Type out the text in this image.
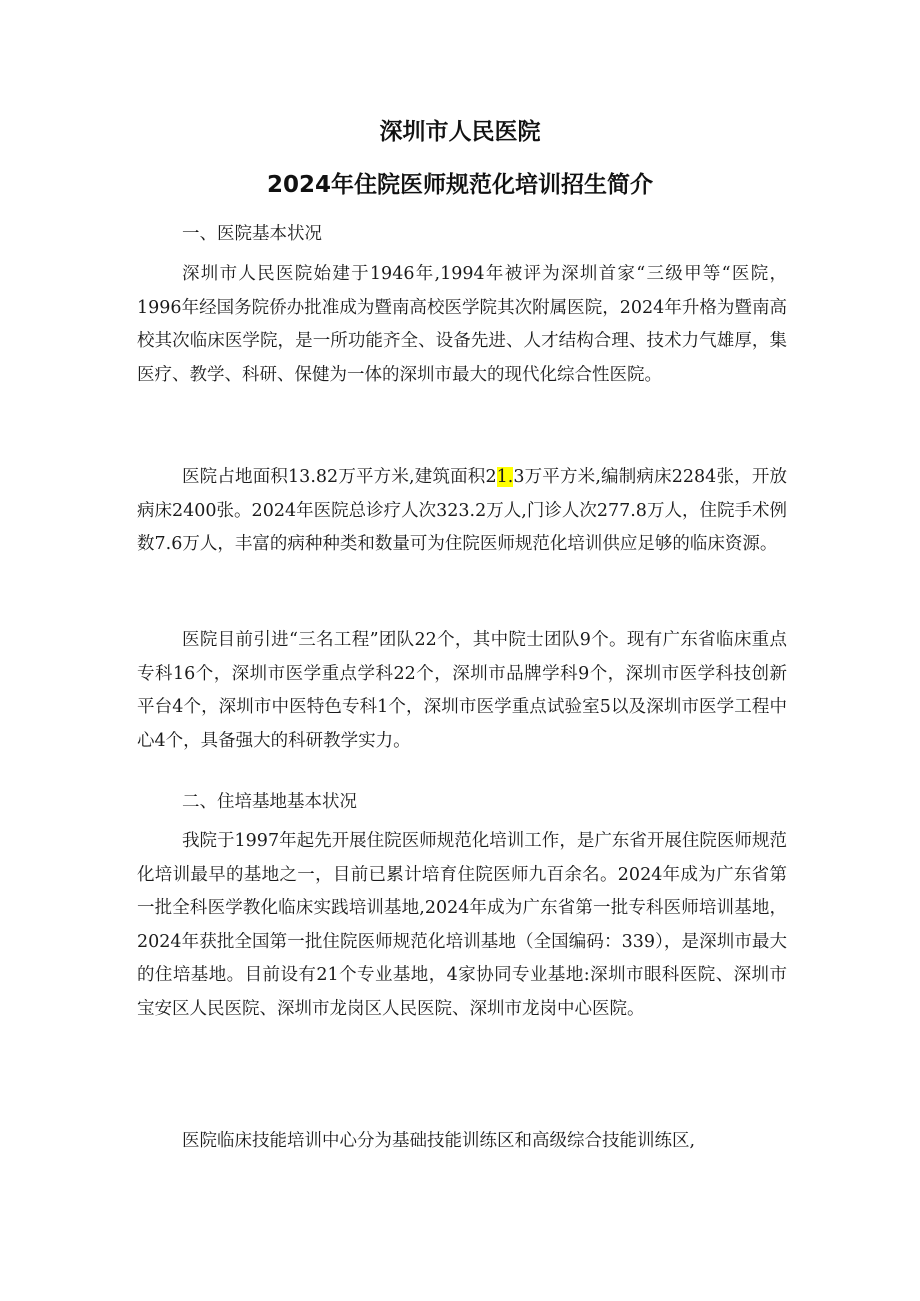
深圳市人民医院
2024年住院医师规范化培训招生简介

一、医院基本状况

深圳市人民医院始建于1946年,1994年被评为深圳首家“三级甲等“医院，1996年经国务院侨办批准成为暨南高校医学院其次附属医院，2024年升格为暨南高校其次临床医学院，是一所功能齐全、设备先进、人才结构合理、技术力气雄厚，集医疗、教学、科研、保健为一体的深圳市最大的现代化综合性医院。

医院占地面积13.82万平方米,建筑面积21.3万平方米,编制病床2284张，开放病床2400张。2024年医院总诊疗人次323.2万人,门诊人次277.8万人，住院手术例数7.6万人，丰富的病种种类和数量可为住院医师规范化培训供应足够的临床资源。

医院目前引进“三名工程”团队22个，其中院士团队9个。现有广东省临床重点专科16个，深圳市医学重点学科22个，深圳市品牌学科9个，深圳市医学科技创新平台4个，深圳市中医特色专科1个，深圳市医学重点试验室5以及深圳市医学工程中心4个，具备强大的科研教学实力。

二、住培基地基本状况

我院于1997年起先开展住院医师规范化培训工作，是广东省开展住院医师规范化培训最早的基地之一，目前已累计培育住院医师九百余名。2024年成为广东省第一批全科医学教化临床实践培训基地,2024年成为广东省第一批专科医师培训基地，2024年获批全国第一批住院医师规范化培训基地（全国编码：339），是深圳市最大的住培基地。目前设有21个专业基地，4家协同专业基地:深圳市眼科医院、深圳市宝安区人民医院、深圳市龙岗区人民医院、深圳市龙岗中心医院。

医院临床技能培训中心分为基础技能训练区和高级综合技能训练区,
